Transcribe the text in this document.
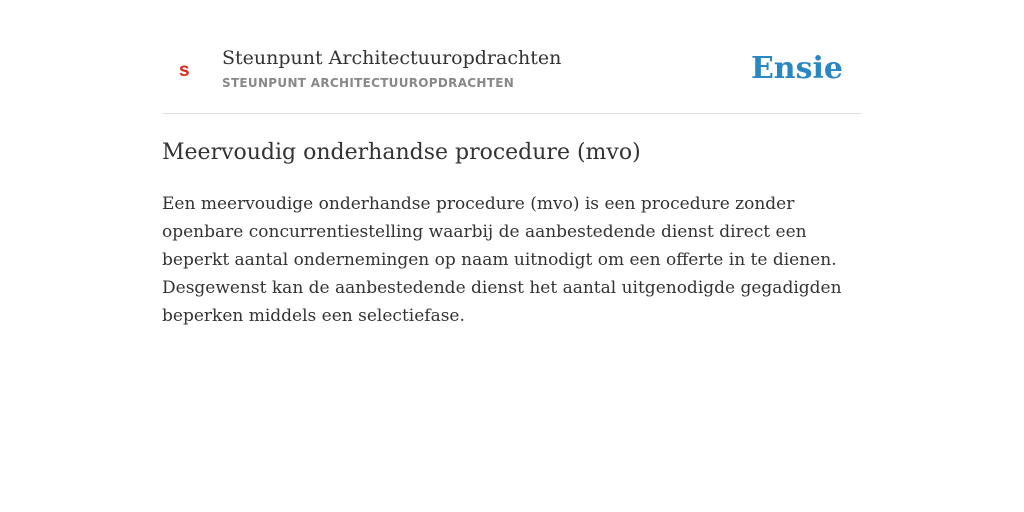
s
Steunpunt Architectuuropdrachten
STEUNPUNT ARCHITECTUUROPDRACHTEN	Ensie
Meervoudig onderhandse procedure (mvo)

Een meervoudige onderhandse procedure (mvo) is een procedure zonder openbare concurrentiestelling waarbij de aanbestedende dienst direct een beperkt aantal ondernemingen op naam uitnodigt om een offerte in te dienen. Desgewenst kan de aanbestedende dienst het aantal uitgenodigde gegadigden beperken middels een selectiefase.
